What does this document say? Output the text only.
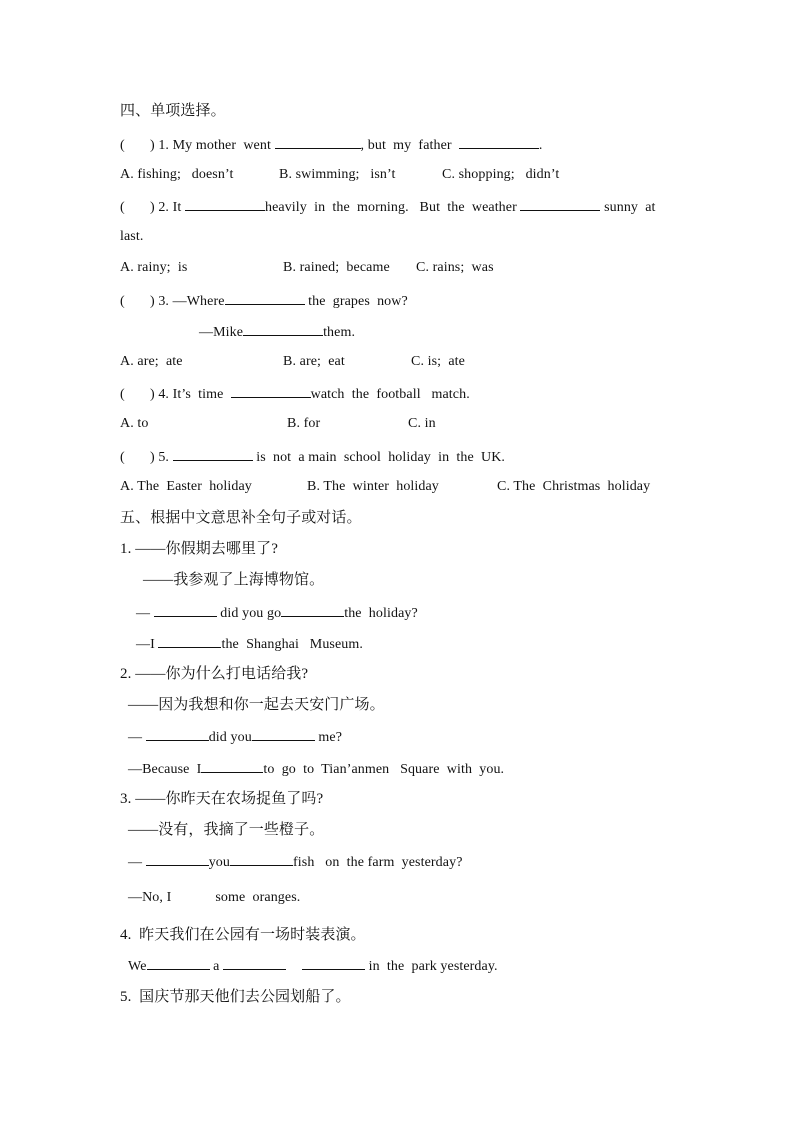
四、单项选择。
(       ) 1. My mother  went	, but  my  father	.
A. fishing;   doesn’t	B. swimming;   isn’t	C. shopping;   didn’t
(       ) 2. It	heavily  in  the  morning.   But  the  weather	sunny  at
last.
A. rainy;  is	B. rained;  became C. rains;  was
(       ) 3. —Where	the  grapes  now?
—Mike	them.
A. are;  ate	B. are;  eat	C. is;  ate
(       ) 4. It’s  time	watch  the  football   match.
A. to	B. for	C. in
(       ) 5.	is  not  a main  school  holiday  in  the  UK.
A. The  Easter  holiday	B. The  winter  holiday	C. The  Christmas  holiday
五、根据中文意思补全句子或对话。
1. ——你假期去哪里了?
——我参观了上海博物馆。
—	did you go	the  holiday?
—I	the  Shanghai   Museum.
2. ——你为什么打电话给我?
——因为我想和你一起去天安门广场。
—	did you	me?
—Because  I	to  go  to  Tian’anmen   Square  with  you.
3. ——你昨天在农场捉鱼了吗?
——没有，我摘了一些橙子。
—	you	fish   on  the farm  yesterday?
—No, I	some  oranges.
4.  昨天我们在公园有一场时装表演。
We	a	in  the  park yesterday.
5.  国庆节那天他们去公园划船了。
